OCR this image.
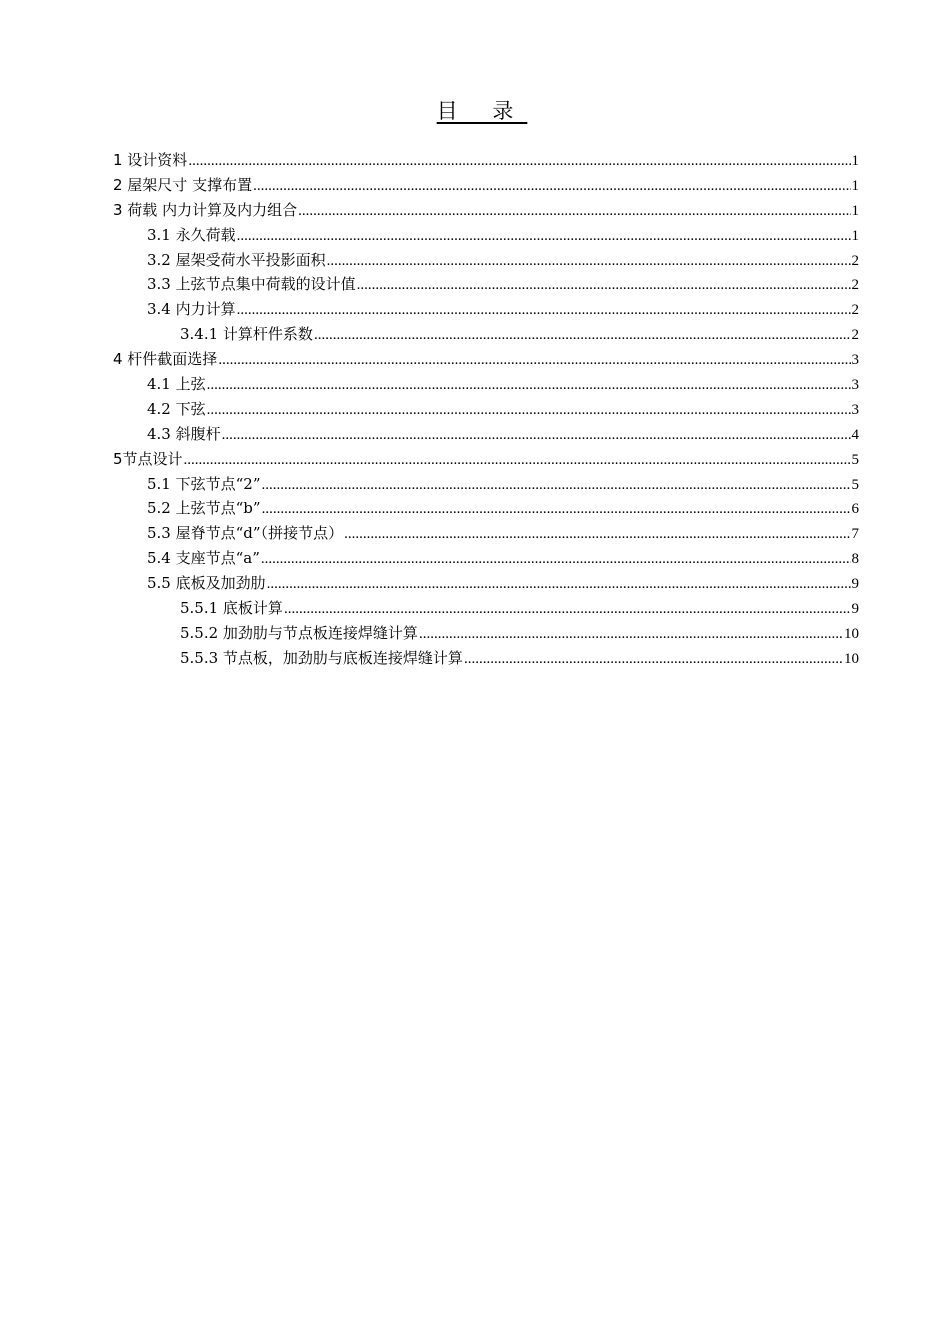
目 录
1 设计资料 .....	1
2 屋架尺寸 支撑布置 .....	1
3 荷载 内力计算及内力组合 .....	1
3.1 永久荷载 .....	1
3.2 屋架受荷水平投影面积 .....	2
3.3 上弦节点集中荷载的设计值 .....	2
3.4 内力计算 .....	2
3.4.1 计算杆件系数 .....	2
4 杆件截面选择 .....	3
4.1 上弦 .....	3
4.2 下弦 .....	3
4.3 斜腹杆 .....	4
5节点设计 .....	5
5.1 下弦节点“2” .....	5
5.2 上弦节点“b” .....	6
5.3 屋脊节点“d”（拼接节点） .....	7
5.4 支座节点“a” .....	8
5.5 底板及加劲肋 .....	9
5.5.1 底板计算 .....	9
5.5.2 加劲肋与节点板连接焊缝计算 .....	10
5.5.3 节点板，加劲肋与底板连接焊缝计算 .....	10
